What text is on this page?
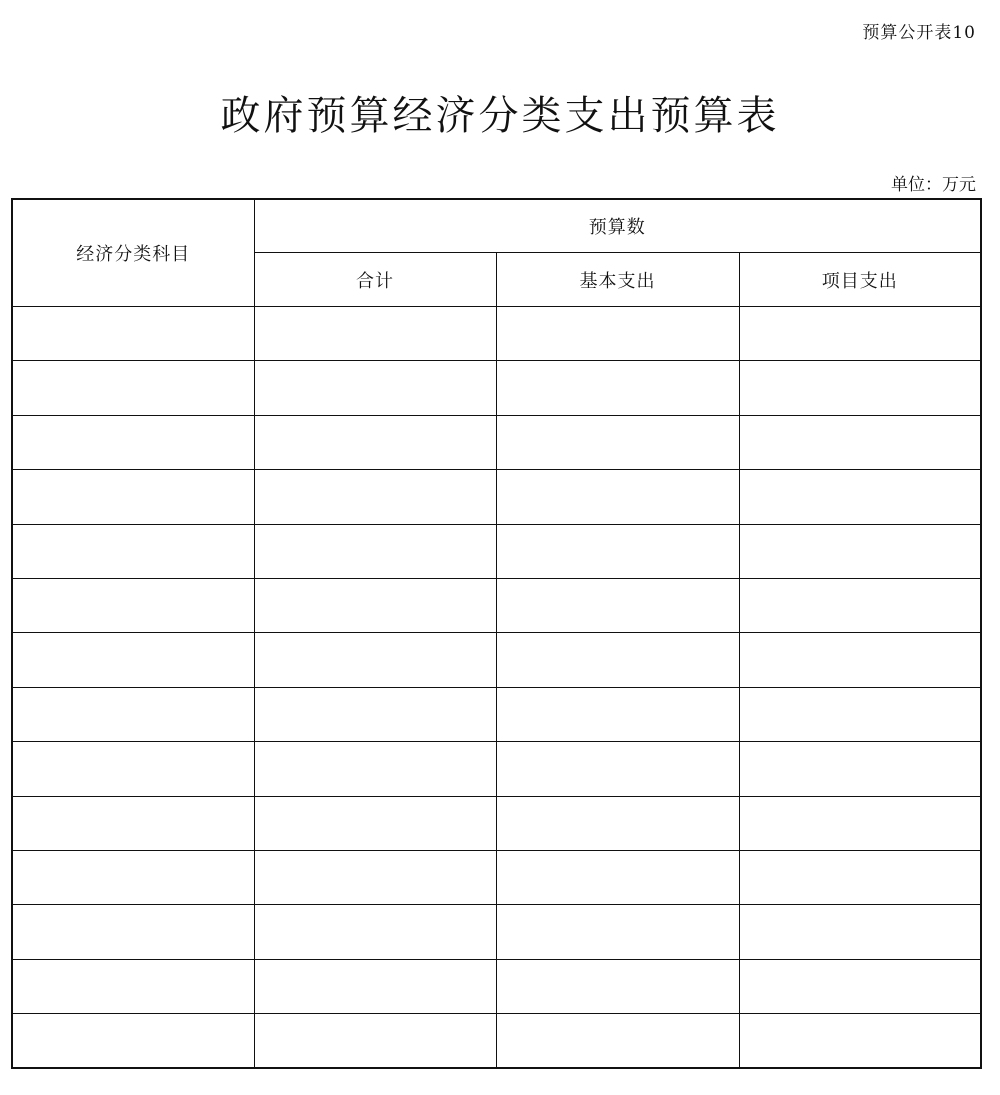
预算公开表10
政府预算经济分类支出预算表
单位：万元
经济分类科目	预算数		
	合计	基本支出	项目支出
